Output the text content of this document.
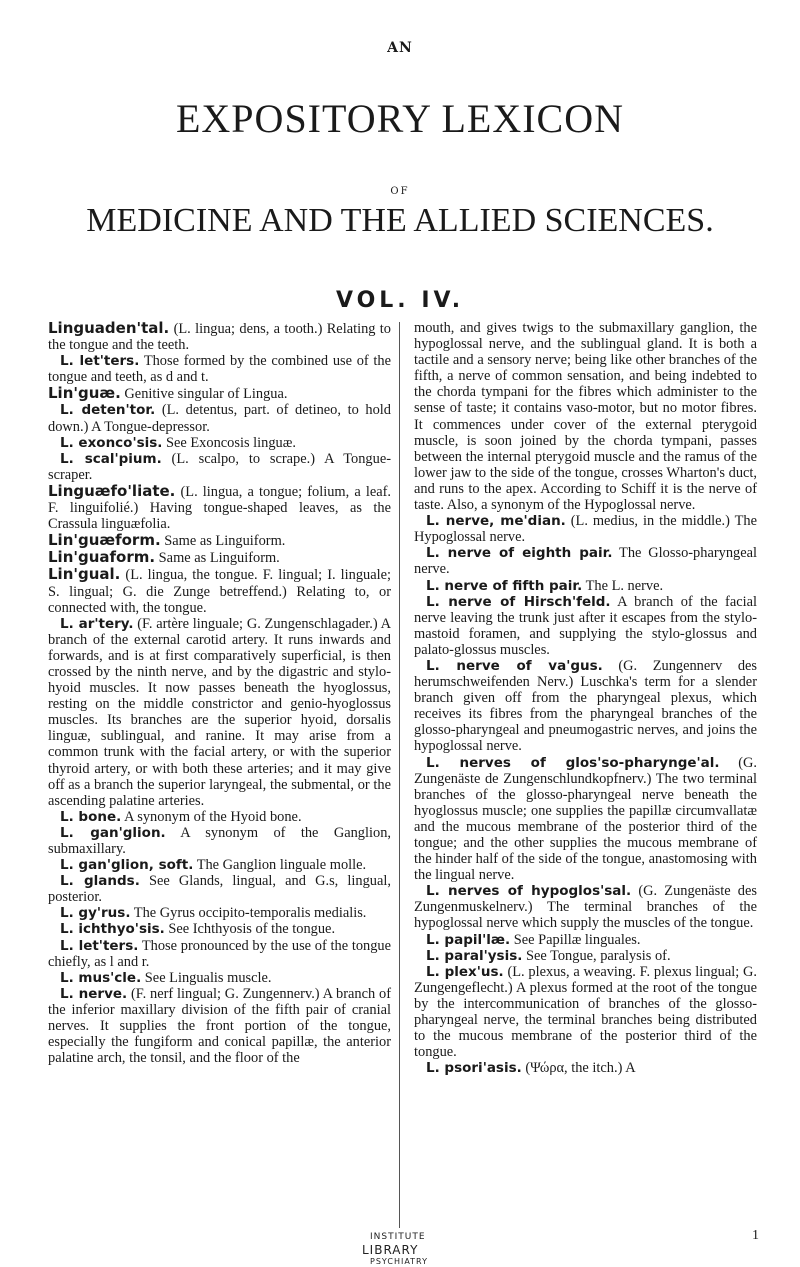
AN
EXPOSITORY LEXICON
OF
MEDICINE AND THE ALLIED SCIENCES.
VOL. IV.

Linguaden'tal. (L. lingua; dens, a tooth.) Relating to the tongue and the teeth.

L. let'ters. Those formed by the combined use of the tongue and teeth, as d and t.

Lin'guæ. Genitive singular of Lingua.

L. deten'tor. (L. detentus, part. of detineo, to hold down.) A Tongue-depressor.

L. exonco'sis. See Exoncosis linguæ.

L. scal'pium. (L. scalpo, to scrape.) A Tongue-scraper.

Linguæfo'liate. (L. lingua, a tongue; folium, a leaf. F. linguifolié.) Having tongue-shaped leaves, as the Crassula linguæfolia.

Lin'guæform. Same as Linguiform.

Lin'guaform. Same as Linguiform.

Lin'gual. (L. lingua, the tongue. F. lingual; I. linguale; S. lingual; G. die Zunge betreffend.) Relating to, or connected with, the tongue.

L. ar'tery. (F. artère linguale; G. Zungenschlagader.) A branch of the external carotid artery. It runs inwards and forwards, and is at first comparatively superficial, is then crossed by the ninth nerve, and by the digastric and stylo-hyoid muscles. It now passes beneath the hyoglossus, resting on the middle constrictor and genio-hyoglossus muscles. Its branches are the superior hyoid, dorsalis linguæ, sublingual, and ranine. It may arise from a common trunk with the facial artery, or with the superior thyroid artery, or with both these arteries; and it may give off as a branch the superior laryngeal, the submental, or the ascending palatine arteries.

L. bone. A synonym of the Hyoid bone.

L. gan'glion. A synonym of the Ganglion, submaxillary.

L. gan'glion, soft. The Ganglion linguale molle.

L. glands. See Glands, lingual, and G.s, lingual, posterior.

L. gy'rus. The Gyrus occipito-temporalis medialis.

L. ichthyo'sis. See Ichthyosis of the tongue.

L. let'ters. Those pronounced by the use of the tongue chiefly, as l and r.

L. mus'cle. See Lingualis muscle.

L. nerve. (F. nerf lingual; G. Zungennerv.) A branch of the inferior maxillary division of the fifth pair of cranial nerves. It supplies the front portion of the tongue, especially the fungiform and conical papillæ, the anterior palatine arch, the tonsil, and the floor of the

mouth, and gives twigs to the submaxillary ganglion, the hypoglossal nerve, and the sublingual gland. It is both a tactile and a sensory nerve; being like other branches of the fifth, a nerve of common sensation, and being indebted to the chorda tympani for the fibres which administer to the sense of taste; it contains vaso-motor, but no motor fibres. It commences under cover of the external pterygoid muscle, is soon joined by the chorda tympani, passes between the internal pterygoid muscle and the ramus of the lower jaw to the side of the tongue, crosses Wharton's duct, and runs to the apex. According to Schiff it is the nerve of taste. Also, a synonym of the Hypoglossal nerve.

L. nerve, me'dian. (L. medius, in the middle.) The Hypoglossal nerve.

L. nerve of eighth pair. The Glosso-pharyngeal nerve.

L. nerve of fifth pair. The L. nerve.

L. nerve of Hirsch'feld. A branch of the facial nerve leaving the trunk just after it escapes from the stylo-mastoid foramen, and supplying the stylo-glossus and palato-glossus muscles.

L. nerve of va'gus. (G. Zungennerv des herumschweifenden Nerv.) Luschka's term for a slender branch given off from the pharyngeal plexus, which receives its fibres from the pharyngeal branches of the glosso-pharyngeal and pneumogastric nerves, and joins the hypoglossal nerve.

L. nerves of glos'so-pharynge'al. (G. Zungenäste de Zungenschlundkopfnerv.) The two terminal branches of the glosso-pharyngeal nerve beneath the hyoglossus muscle; one supplies the papillæ circumvallatæ and the mucous membrane of the posterior third of the tongue; and the other supplies the mucous membrane of the hinder half of the side of the tongue, anastomosing with the lingual nerve.

L. nerves of hypoglos'sal. (G. Zungenäste des Zungenmuskelnerv.) The terminal branches of the hypoglossal nerve which supply the muscles of the tongue.

L. papil'læ. See Papillæ linguales.

L. paral'ysis. See Tongue, paralysis of.

L. plex'us. (L. plexus, a weaving. F. plexus lingual; G. Zungengeflecht.) A plexus formed at the root of the tongue by the intercommunication of branches of the glosso-pharyngeal nerve, the terminal branches being distributed to the mucous membrane of the posterior third of the tongue.

L. psori'asis. (Ψώρα, the itch.) A

1
INSTITUTE
LIBRARY
PSYCHIATRY
